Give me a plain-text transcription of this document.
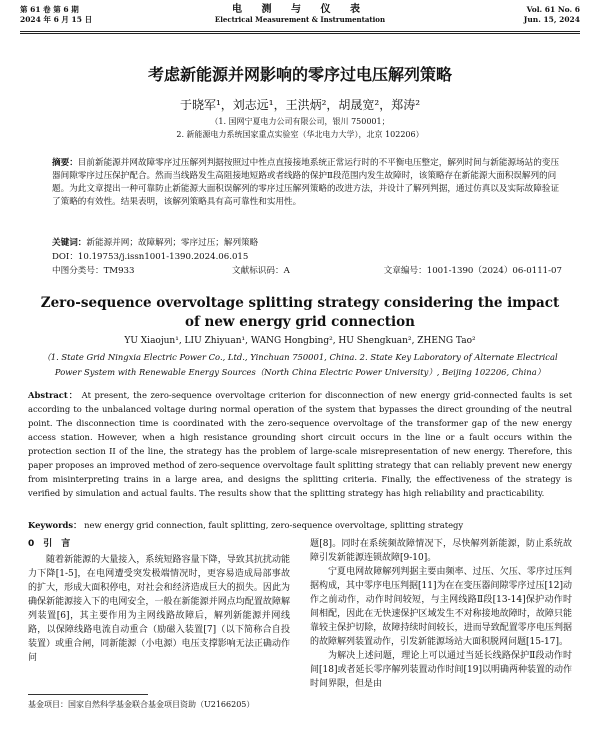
第 61 卷 第 6 期
2024 年 6 月 15 日
电 测 与 仪 表
Electrical Measurement & Instrumentation
Vol. 61 No. 6
Jun. 15, 2024
考虑新能源并网影响的零序过电压解列策略
于晓军¹，刘志远¹，王洪炳²，胡晟宽²，郑涛²
（1. 国网宁夏电力公司有限公司，银川 750001；
2. 新能源电力系统国家重点实验室（华北电力大学），北京 102206）
摘要：目前新能源并网故障零序过压解列判据按照过中性点直接接地系统正常运行时的不平衡电压整定，解列时间与新能源场站的变压器间隙零序过压保护配合。然而当线路发生高阻接地短路或者线路的保护Ⅱ段范围内发生故障时，该策略存在新能源大面积误解列的问题。为此文章提出一种可靠防止新能源大面积误解列的零序过压解列策略的改进方法，并设计了解列判据，通过仿真以及实际故障验证了策略的有效性。结果表明，该解列策略具有高可靠性和实用性。
关键词：新能源并网；故障解列；零序过压；解列策略
DOI：10.19753/j.issn1001-1390.2024.06.015
中图分类号：TM933	文献标识码：A	文章编号：1001-1390（2024）06-0111-07
Zero-sequence overvoltage splitting strategy considering the impact of new energy grid connection
YU Xiaojun¹, LIU Zhiyuan¹, WANG Hongbing², HU Shengkuan², ZHENG Tao²
（1. State Grid Ningxia Electric Power Co., Ltd., Yinchuan 750001, China. 2. State Key Laboratory of Alternate Electrical Power System with Renewable Energy Sources（North China Electric Power University）, Beijing 102206, China）
Abstract： At present, the zero-sequence overvoltage criterion for disconnection of new energy grid-connected faults is set according to the unbalanced voltage during normal operation of the system that bypasses the direct grounding of the neutral point. The disconnection time is coordinated with the zero-sequence overvoltage of the transformer gap of the new energy access station. However, when a high resistance grounding short circuit occurs in the line or a fault occurs within the protection section II of the line, the strategy has the problem of large-scale misrepresentation of new energy. Therefore, this paper proposes an improved method of zero-sequence overvoltage fault splitting strategy that can reliably prevent new energy from misinterpreting trains in a large area, and designs the splitting criteria. Finally, the effectiveness of the strategy is verified by simulation and actual faults. The results show that the splitting strategy has high reliability and practicability.
Keywords： new energy grid connection, fault splitting, zero-sequence overvoltage, splitting strategy
0　引　言
随着新能源的大量接入，系统短路容量下降，导致其抗扰动能力下降[1-5]，在电网遭受突发极端情况时，更容易造成局部事故的扩大，形成大面积停电，对社会和经济造成巨大的损失。因此为确保新能源接入下的电网安全，一般在新能源并网点均配置故障解列装置[6]，其主要作用为主网线路故障后，解列新能源并网线路，以保障线路电流自动重合（励磁入装置[7]（以下简称合自投装置）或重合闸，同新能源（小电源）电压支撑影响无法正确动作问
题[8]。同时在系统频故障情况下，尽快解列新能源，防止系统故障引发新能源连锁故障[9-10]。
宁夏电网故障解列判据主要由频率、过压、欠压、零序过压判据构成，其中零序电压判据[11]为在在变压器间隙零序过压[12]动作之前动作，动作时间较短，与主网线路Ⅱ段[13-14]保护动作时间相配，因此在无快速保护区域发生不对称接地故障时，故障只能靠较主保护切除，故障持续时间较长，进而导致配置零序电压判据的故障解列装置动作，引发新能源场站大面积脱网问题[15-17]。
为解决上述问题，理论上可以通过当延长线路保护Ⅱ段动作时间[18]或者延长零序解列装置动作时间[19]以明确两种装置的动作时间界限，但是由
基金项目：国家自然科学基金联合基金项目资助（U2166205）
